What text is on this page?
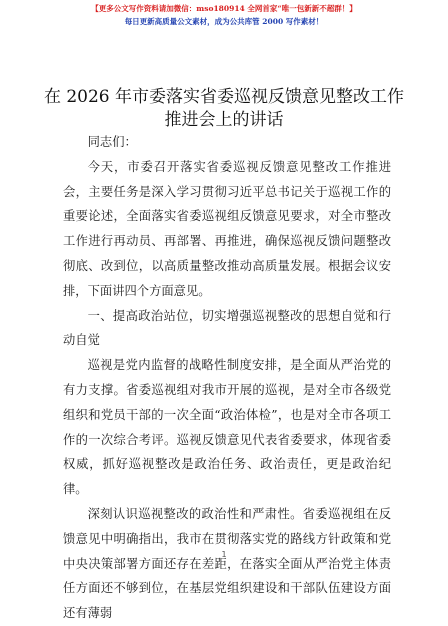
【更多公文写作资料请加微信：mso180914 全网首家“唯一包新新不超群！】
每日更新高质量公文素材，成为公共库管 2000 写作素材！
在 2026 年市委落实省委巡视反馈意见整改工作
推进会上的讲话

同志们：

今天，市委召开落实省委巡视反馈意见整改工作推进会，主要任务是深入学习贯彻习近平总书记关于巡视工作的重要论述，全面落实省委巡视组反馈意见要求，对全市整改工作进行再动员、再部署、再推进，确保巡视反馈问题整改彻底、改到位，以高质量整改推动高质量发展。根据会议安排，下面讲四个方面意见。

一、提高政治站位，切实增强巡视整改的思想自觉和行动自觉

巡视是党内监督的战略性制度安排，是全面从严治党的有力支撑。省委巡视组对我市开展的巡视，是对全市各级党组织和党员干部的一次全面“政治体检”，也是对全市各项工作的一次综合考评。巡视反馈意见代表省委要求，体现省委权威，抓好巡视整改是政治任务、政治责任，更是政治纪律。

深刻认识巡视整改的政治性和严肃性。省委巡视组在反馈意见中明确指出，我市在贯彻落实党的路线方针政策和党中央决策部署方面还存在差距，在落实全面从严治党主体责任方面还不够到位，在基层党组织建设和干部队伍建设方面还有薄弱

1
